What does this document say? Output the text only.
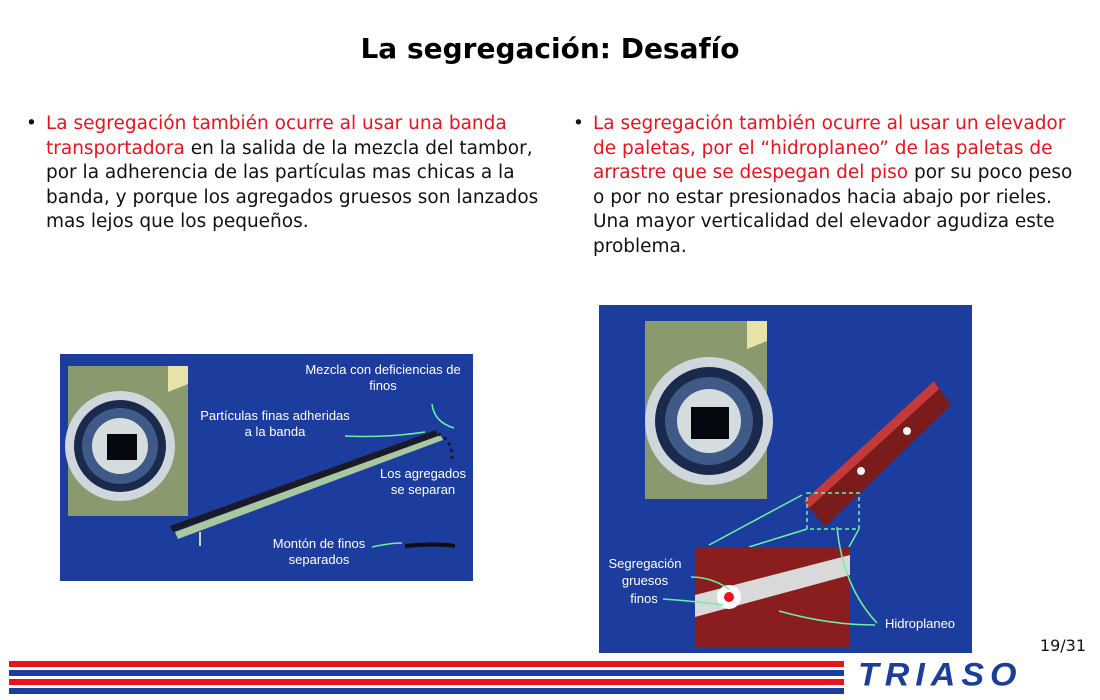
La segregación: Desafío
• La segregación también ocurre al usar una banda transportadora en la salida de la mezcla del tambor, por la adherencia de las partículas mas chicas a la banda, y porque los agregados gruesos son lanzados mas lejos que los pequeños.
• La segregación también ocurre al usar un elevador de paletas, por el “hidroplaneo” de las paletas de arrastre que se despegan del piso por su poco peso o por no estar presionados hacia abajo por rieles. Una mayor verticalidad del elevador agudiza este problema.
Mezcla con deficiencias de finos
Partículas finas adheridas a la banda
Los agregados se separan
Montón de finos separados	Segregación
gruesos
finos
Hidroplaneo
19/31
TRIASO
